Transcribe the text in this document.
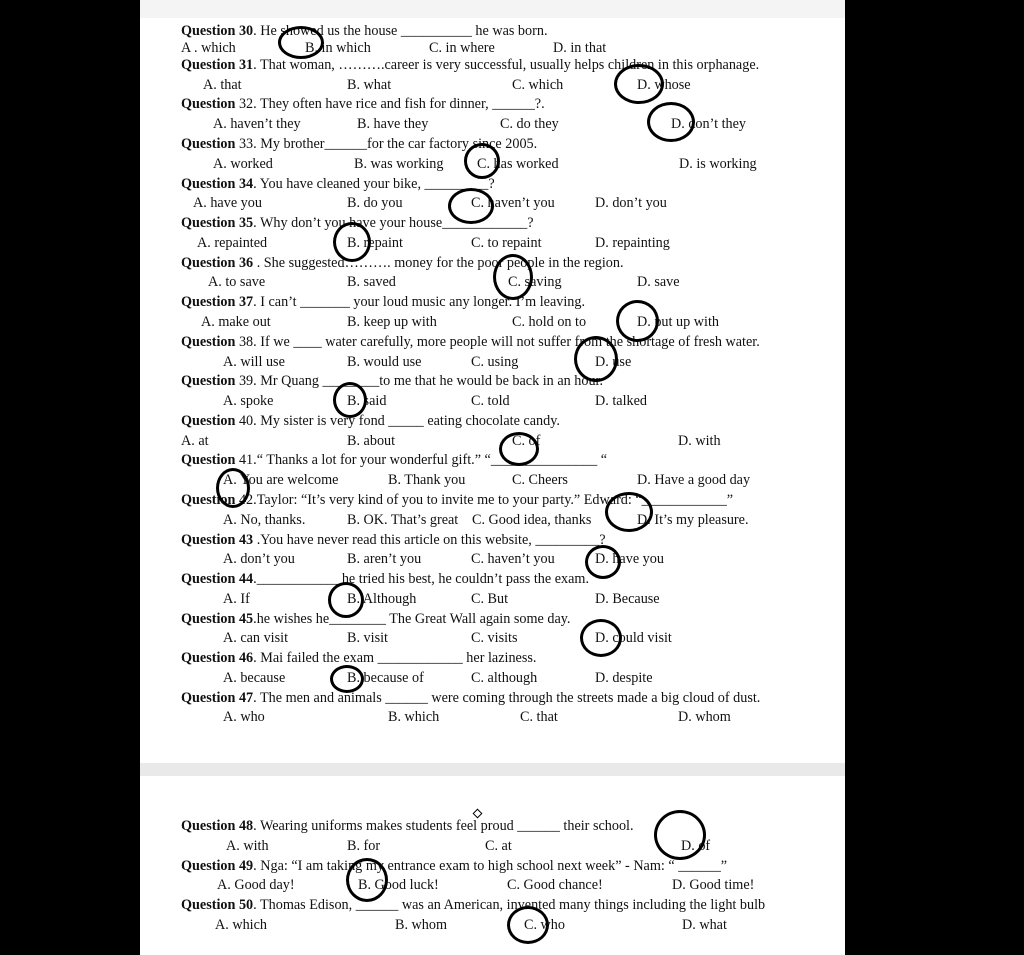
Question 30. He showed us the house __________ he was born.
A . which	B. in which	C. in where	D. in that
Question 31. That woman, ……….career is very successful, usually helps children in this orphanage.
A. that	B. what	C. which	D. whose
Question 32. They often have rice and fish for dinner, ______?.
A. haven’t they	B. have they	C. do they	D. don’t they
Question 33. My brother______for the car factory since 2005.
A. worked	B. was working C. has worked	D. is working
Question 34. You have cleaned your bike, _________?
A. have you	B. do you	C. haven’t you	D. don’t you
Question 35. Why don’t you have your house____________?
A. repainted	B. repaint	C. to repaint	D. repainting
Question 36 . She suggested………. money for the poor people in the region.
A. to save	B. saved	C. saving	D. save
Question 37. I can’t _______ your loud music any longer. I’m leaving.
A. make out	B. keep up with	C. hold on to	D. put up with
Question 38. If we ____ water carefully, more people will not suffer from the shortage of fresh water.
A. will use	B. would use	C. using	D. use
Question 39. Mr Quang ________to me that he would be back in an hour.
A. spoke	B. said	C. told	D. talked
Question 40. My sister is very fond _____ eating chocolate candy.
A. at	B. about	C. of	D. with
Question 41.“ Thanks a lot for your wonderful gift.” “_______________ “
A. You are welcome	B. Thank you	C. Cheers	D. Have a good day
Question 42.Taylor: “It’s very kind of you to invite me to your party.” Edward: “____________”
A. No, thanks.	B. OK. That’s great C. Good idea, thanks	D. It’s my pleasure.
Question 43 .You have never read this article on this website, _________?
A. don’t you	B. aren’t you	C. haven’t you	D. have you
Question 44.____________he tried his best, he couldn’t pass the exam.
A. If	B. Although	C. But	D. Because
Question 45.he wishes he________ The Great Wall again some day.
A. can visit	B. visit	C. visits	D. could visit
Question 46. Mai failed the exam ____________ her laziness.
A. because	B. because of	C. although	D. despite
Question 47. The men and animals ______ were coming through the streets made a big cloud of dust.
A. who	B. which	C. that	D. whom
Question 48. Wearing uniforms makes students feel proud ______ their school.
A. with	B. for	C. at	D. of
Question 49. Nga: “I am taking my entrance exam to high school next week” - Nam: “ ______”
A. Good day!	B. Good luck!	C. Good chance!	D. Good time!
Question 50. Thomas Edison, ______ was an American, invented many things including the light bulb
A. which	B. whom	C. who	D. what
